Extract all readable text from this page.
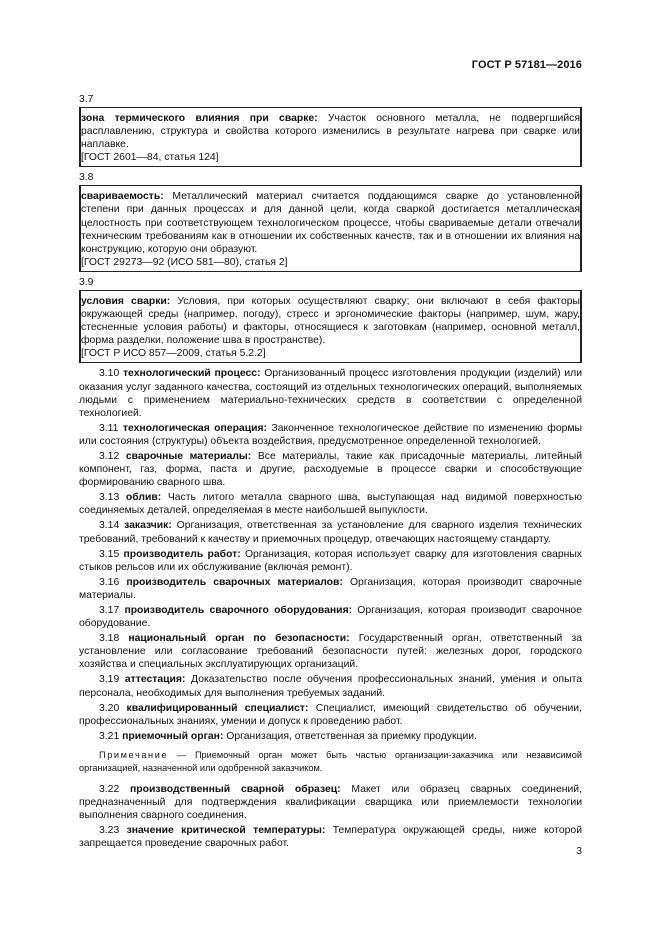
ГОСТ Р 57181—2016
3.7

зона термического влияния при сварке: Участок основного металла, не подвергшийся расплавлению, структура и свойства которого изменились в результате нагрева при сварке или наплавке.

[ГОСТ 2601—84, статья 124]

3.8

свариваемость: Металлический материал считается поддающимся сварке до установленной степени при данных процессах и для данной цели, когда сваркой достигается металлическая целостность при соответствующем технологическом процессе, чтобы свариваемые детали отвечали техническим требованиям как в отношении их собственных качеств, так и в отношении их влияния на конструкцию, которую они образуют.

[ГОСТ 29273—92 (ИСО 581—80), статья 2]

3.9

условия сварки: Условия, при которых осуществляют сварку; они включают в себя факторы окружающей среды (например, погоду), стресс и эргономические факторы (например, шум, жару, стесненные условия работы) и факторы, относящиеся к заготовкам (например, основной металл, форма разделки, положение шва в пространстве).

[ГОСТ Р ИСО 857—2009, статья 5.2.2]

3.10 технологический процесс: Организованный процесс изготовления продукции (изделий) или оказания услуг заданного качества, состоящий из отдельных технологических операций, выполняемых людьми с применением материально-технических средств в соответствии с определенной технологией.

3.11 технологическая операция: Законченное технологическое действие по изменению формы или состояния (структуры) объекта воздействия, предусмотренное определенной технологией.

3.12 сварочные материалы: Все материалы, такие как присадочные материалы, литейный компонент, газ, форма, паста и другие, расходуемые в процессе сварки и способствующие формированию сварного шва.

3.13 облив: Часть литого металла сварного шва, выступающая над видимой поверхностью соединяемых деталей, определяемая в месте наибольшей выпуклости.

3.14 заказчик: Организация, ответственная за установление для сварного изделия технических требований, требований к качеству и приемочных процедур, отвечающих настоящему стандарту.

3.15 производитель работ: Организация, которая использует сварку для изготовления сварных стыков рельсов или их обслуживание (включая ремонт).

3.16 производитель сварочных материалов: Организация, которая производит сварочные материалы.

3.17 производитель сварочного оборудования: Организация, которая производит сварочное оборудование.

3.18 национальный орган по безопасности: Государственный орган, ответственный за установление или согласование требований безопасности путей: железных дорог, городского хозяйства и специальных эксплуатирующих организаций.

3.19 аттестация: Доказательство после обучения профессиональных знаний, умения и опыта персонала, необходимых для выполнения требуемых заданий.

3.20 квалифицированный специалист: Специалист, имеющий свидетельство об обучении, профессиональных знаниях, умении и допуск к проведению работ.

3.21 приемочный орган: Организация, ответственная за приемку продукции.

Примечание — Приемочный орган может быть частью организации-заказчика или независимой организацией, назначенной или одобренной заказчиком.

3.22 производственный сварной образец: Макет или образец сварных соединений, предназначенный для подтверждения квалификации сварщика или приемлемости технологии выполнения сварного соединения.

3.23 значение критической температуры: Температура окружающей среды, ниже которой запрещается проведение сварочных работ.

3
